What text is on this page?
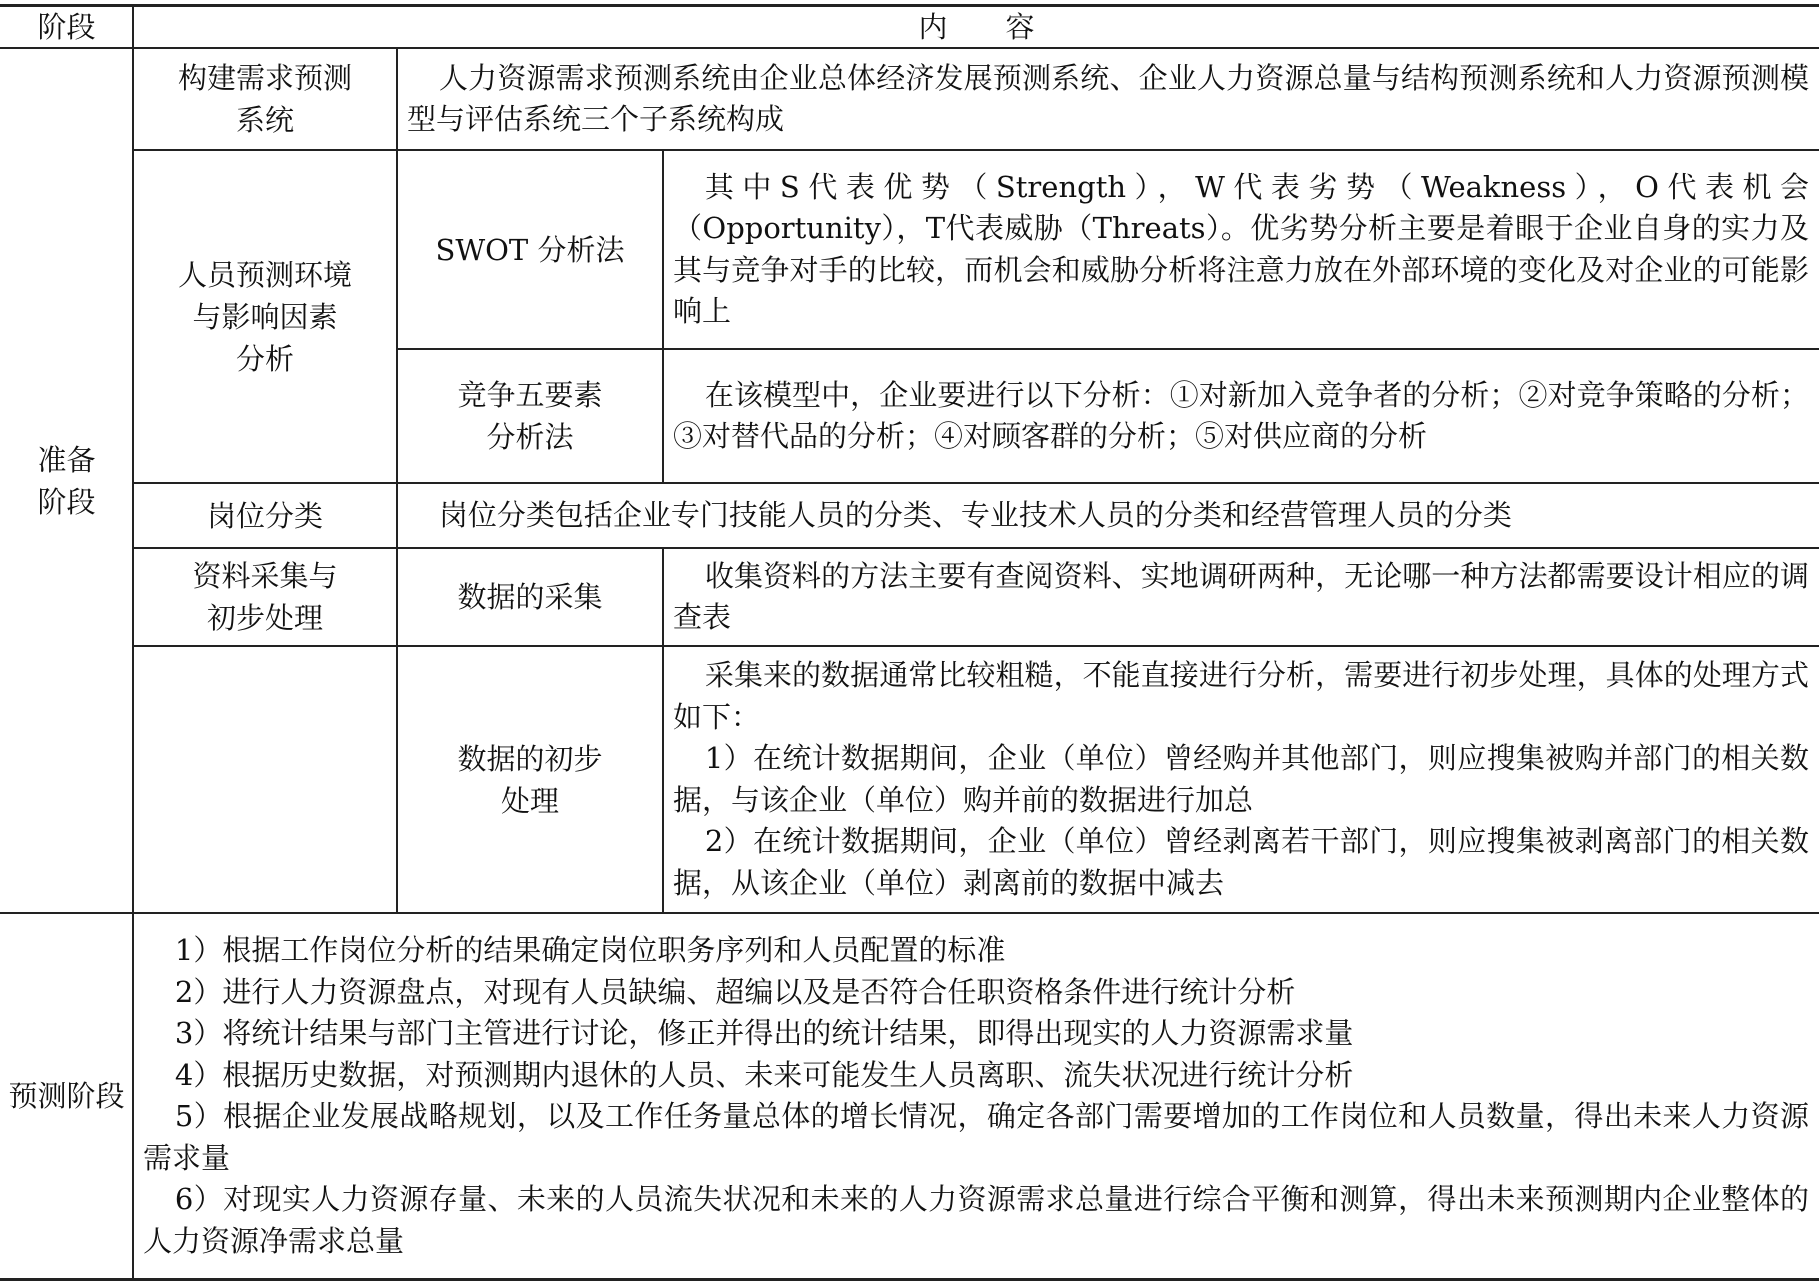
阶段	内　　容
准备
阶段
构建需求预测
系统

人力资源需求预测系统由企业总体经济发展预测系统、企业人力资源总量与结构预测系统和人力资源预测模型与评估系统三个子系统构成

人员预测环境
与影响因素
分析
SWOT 分析法

其中S代表优势（Strength），W代表劣势（Weakness），O代表机会（Opportunity），T代表威胁（Threats）。优劣势分析主要是着眼于企业自身的实力及其与竞争对手的比较，而机会和威胁分析将注意力放在外部环境的变化及对企业的可能影响上

竞争五要素
分析法

在该模型中，企业要进行以下分析：①对新加入竞争者的分析；②对竞争策略的分析；③对替代品的分析；④对顾客群的分析；⑤对供应商的分析

岗位分类	岗位分类包括企业专门技能人员的分类、专业技术人员的分类和经营管理人员的分类

资料采集与
初步处理
数据的采集

收集资料的方法主要有查阅资料、实地调研两种，无论哪一种方法都需要设计相应的调查表

数据的初步
处理

采集来的数据通常比较粗糙，不能直接进行分析，需要进行初步处理，具体的处理方式如下：

1）在统计数据期间，企业（单位）曾经购并其他部门，则应搜集被购并部门的相关数据，与该企业（单位）购并前的数据进行加总

2）在统计数据期间，企业（单位）曾经剥离若干部门，则应搜集被剥离部门的相关数据，从该企业（单位）剥离前的数据中减去

预测阶段

1）根据工作岗位分析的结果确定岗位职务序列和人员配置的标准

2）进行人力资源盘点，对现有人员缺编、超编以及是否符合任职资格条件进行统计分析

3）将统计结果与部门主管进行讨论，修正并得出的统计结果，即得出现实的人力资源需求量

4）根据历史数据，对预测期内退休的人员、未来可能发生人员离职、流失状况进行统计分析

5）根据企业发展战略规划，以及工作任务量总体的增长情况，确定各部门需要增加的工作岗位和人员数量，得出未来人力资源需求量

6）对现实人力资源存量、未来的人员流失状况和未来的人力资源需求总量进行综合平衡和测算，得出未来预测期内企业整体的人力资源净需求总量
